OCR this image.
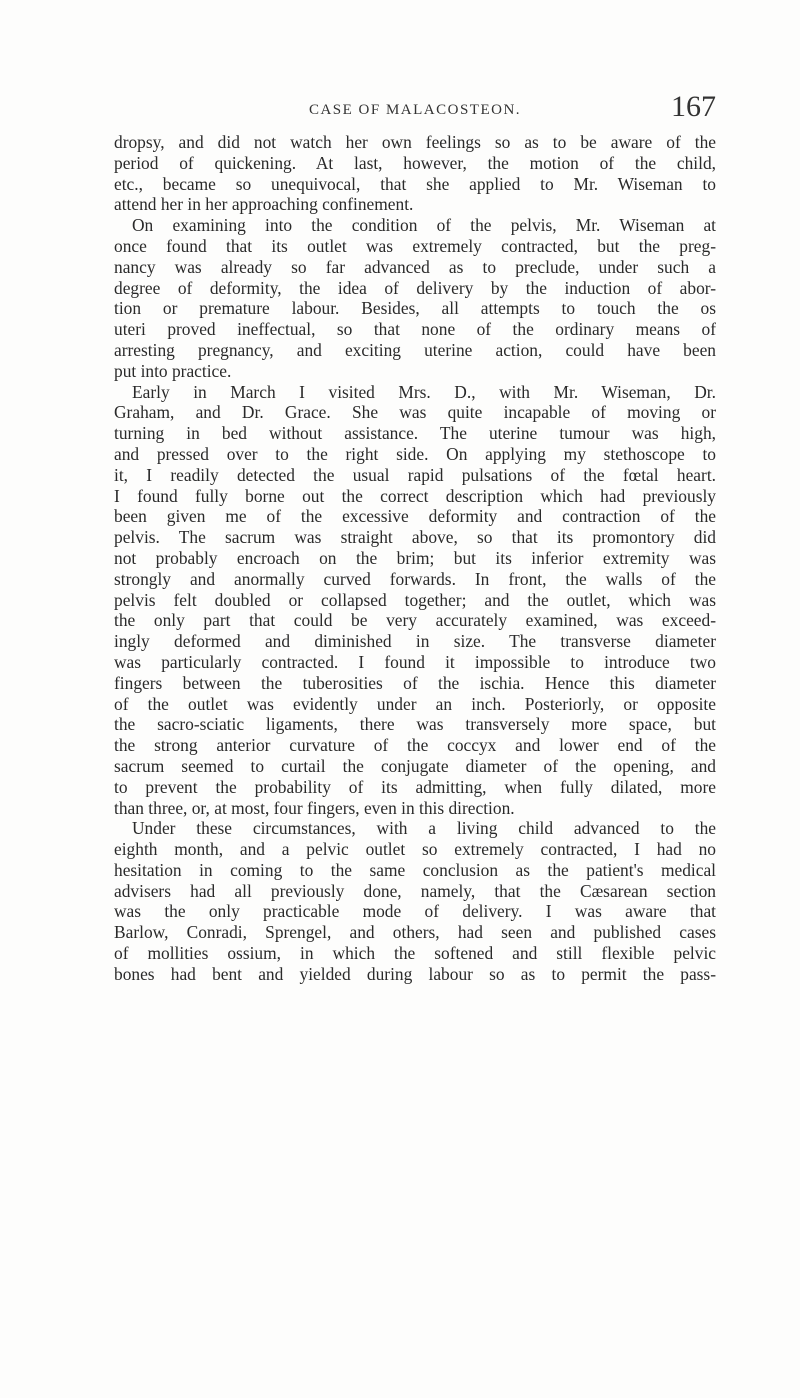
CASE OF MALACOSTEON.	167
dropsy, and did not watch her own feelings so as to be aware of the
period of quickening. At last, however, the motion of the child,
etc., became so unequivocal, that she applied to Mr. Wiseman to
attend her in her approaching confinement.
On examining into the condition of the pelvis, Mr. Wiseman at
once found that its outlet was extremely contracted, but the preg-
nancy was already so far advanced as to preclude, under such a
degree of deformity, the idea of delivery by the induction of abor-
tion or premature labour. Besides, all attempts to touch the os
uteri proved ineffectual, so that none of the ordinary means of
arresting pregnancy, and exciting uterine action, could have been
put into practice.
Early in March I visited Mrs. D., with Mr. Wiseman, Dr.
Graham, and Dr. Grace. She was quite incapable of moving or
turning in bed without assistance. The uterine tumour was high,
and pressed over to the right side. On applying my stethoscope to
it, I readily detected the usual rapid pulsations of the fœtal heart.
I found fully borne out the correct description which had previously
been given me of the excessive deformity and contraction of the
pelvis. The sacrum was straight above, so that its promontory did
not probably encroach on the brim; but its inferior extremity was
strongly and anormally curved forwards. In front, the walls of the
pelvis felt doubled or collapsed together; and the outlet, which was
the only part that could be very accurately examined, was exceed-
ingly deformed and diminished in size. The transverse diameter
was particularly contracted. I found it impossible to introduce two
fingers between the tuberosities of the ischia. Hence this diameter
of the outlet was evidently under an inch. Posteriorly, or opposite
the sacro-sciatic ligaments, there was transversely more space, but
the strong anterior curvature of the coccyx and lower end of the
sacrum seemed to curtail the conjugate diameter of the opening, and
to prevent the probability of its admitting, when fully dilated, more
than three, or, at most, four fingers, even in this direction.
Under these circumstances, with a living child advanced to the
eighth month, and a pelvic outlet so extremely contracted, I had no
hesitation in coming to the same conclusion as the patient's medical
advisers had all previously done, namely, that the Cæsarean section
was the only practicable mode of delivery. I was aware that
Barlow, Conradi, Sprengel, and others, had seen and published cases
of mollities ossium, in which the softened and still flexible pelvic
bones had bent and yielded during labour so as to permit the pass-
